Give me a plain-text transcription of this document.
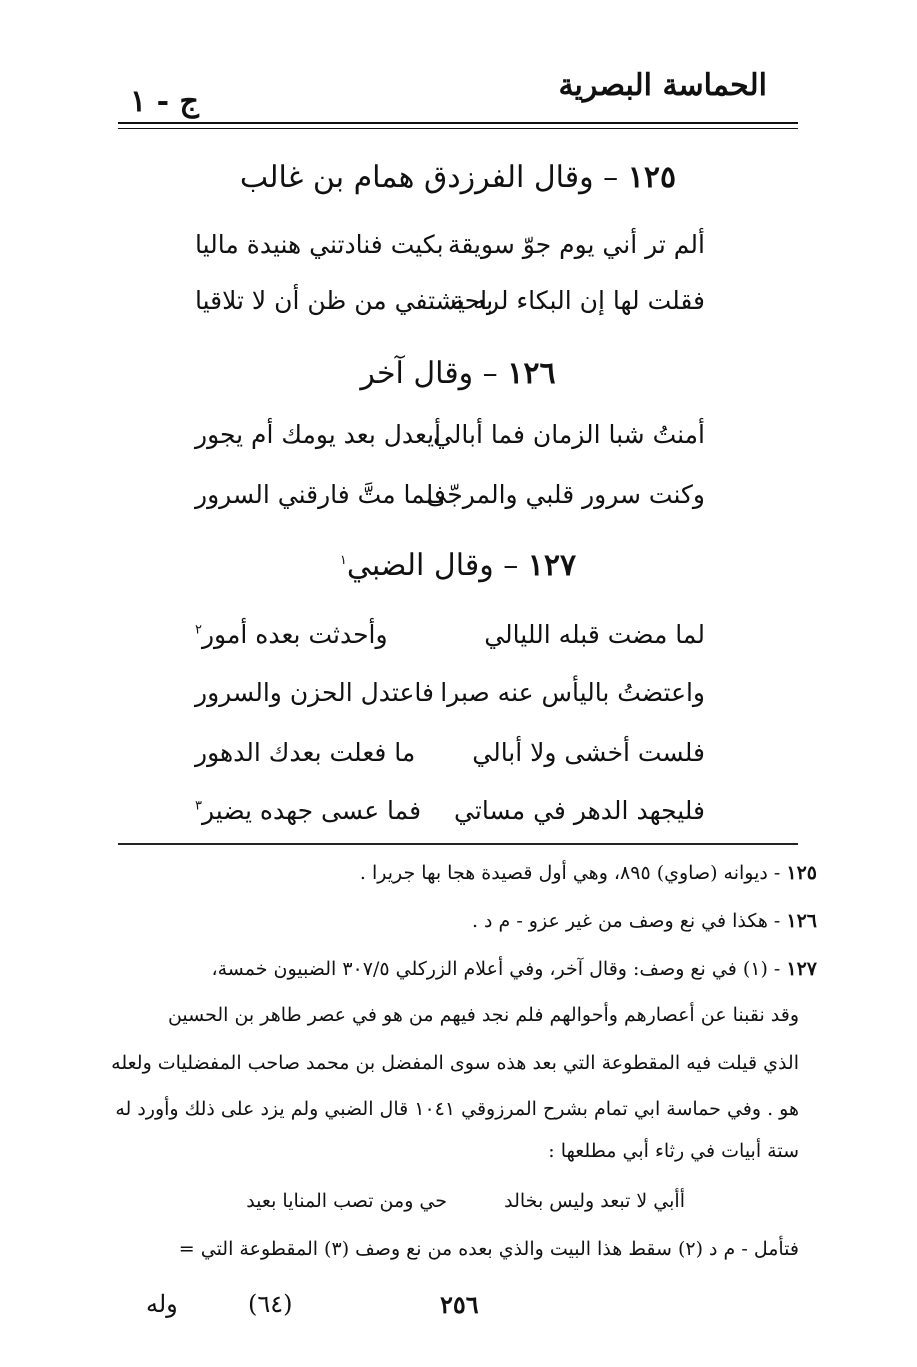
الحماسة البصرية
ج - ١
١٢٥ – وقال الفرزدق همام بن غالب
ألم تر أني يوم جوّ سويقة
بكيت فنادتني هنيدة ماليا
فقلت لها إن البكاء لراحة
به يشتفي من ظن أن لا تلاقيا
١٢٦ – وقال آخر
أمنتُ شبا الزمان فما أبالي
أيعدل بعد يومك أم يجور
وكنت سرور قلبي والمرجّى
فلما متَّ فارقني السرور
١٢٧ – وقال الضبي$^١$
لما مضت قبله الليالي
وأحدثت بعده أمور$^٢$
واعتضتُ باليأس عنه صبرا
فاعتدل الحزن والسرور
فلست أخشى ولا أبالي
ما فعلت بعدك الدهور
فليجهد الدهر في مساتي
فما عسى جهده يضير$^٣$
١٢٥ - ديوانه (صاوي) ٨٩٥، وهي أول قصيدة هجا بها جريرا .
١٢٦ - هكذا في نع وصف من غير عزو - م د .
١٢٧ - (١) في نع وصف: وقال آخر، وفي أعلام الزركلي ٣٠٧/٥ الضبيون خمسة،
وقد نقبنا عن أعصارهم وأحوالهم فلم نجد فيهم من هو في عصر طاهر بن الحسين
الذي قيلت فيه المقطوعة التي بعد هذه سوى المفضل بن محمد صاحب المفضليات ولعله
هو . وفي حماسة ابي تمام بشرح المرزوقي ١٠٤١ قال الضبي ولم يزد على ذلك وأورد له
ستة أبيات في رثاء أبي مطلعها :
أأبي لا تبعد وليس بخالد
حي ومن تصب المنايا بعيد
فتأمل - م د (٢) سقط هذا البيت والذي بعده من نع وصف (٣) المقطوعة التي =
وله	(٦٤)	٢٥٦
